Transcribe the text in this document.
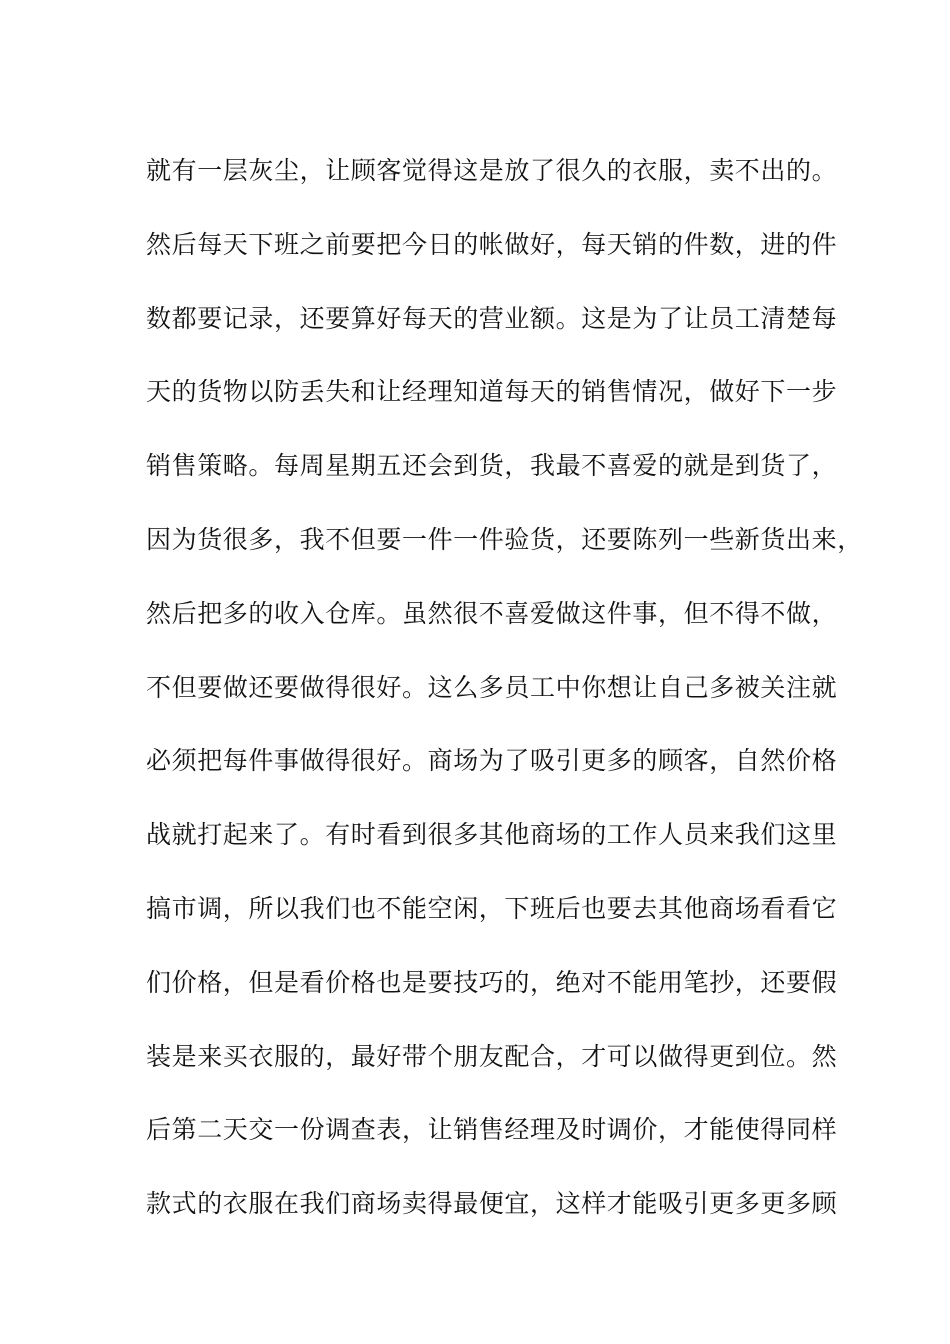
就有一层灰尘，让顾客觉得这是放了很久的衣服，卖不出的。
然后每天下班之前要把今日的帐做好，每天销的件数，进的件
数都要记录，还要算好每天的营业额。这是为了让员工清楚每
天的货物以防丢失和让经理知道每天的销售情况，做好下一步
销售策略。每周星期五还会到货，我最不喜爱的就是到货了，
因为货很多，我不但要一件一件验货，还要陈列一些新货出来，
然后把多的收入仓库。虽然很不喜爱做这件事，但不得不做，
不但要做还要做得很好。这么多员工中你想让自己多被关注就
必须把每件事做得很好。商场为了吸引更多的顾客，自然价格
战就打起来了。有时看到很多其他商场的工作人员来我们这里
搞市调，所以我们也不能空闲，下班后也要去其他商场看看它
们价格，但是看价格也是要技巧的，绝对不能用笔抄，还要假
装是来买衣服的，最好带个朋友配合，才可以做得更到位。然
后第二天交一份调查表，让销售经理及时调价，才能使得同样
款式的衣服在我们商场卖得最便宜，这样才能吸引更多更多顾
